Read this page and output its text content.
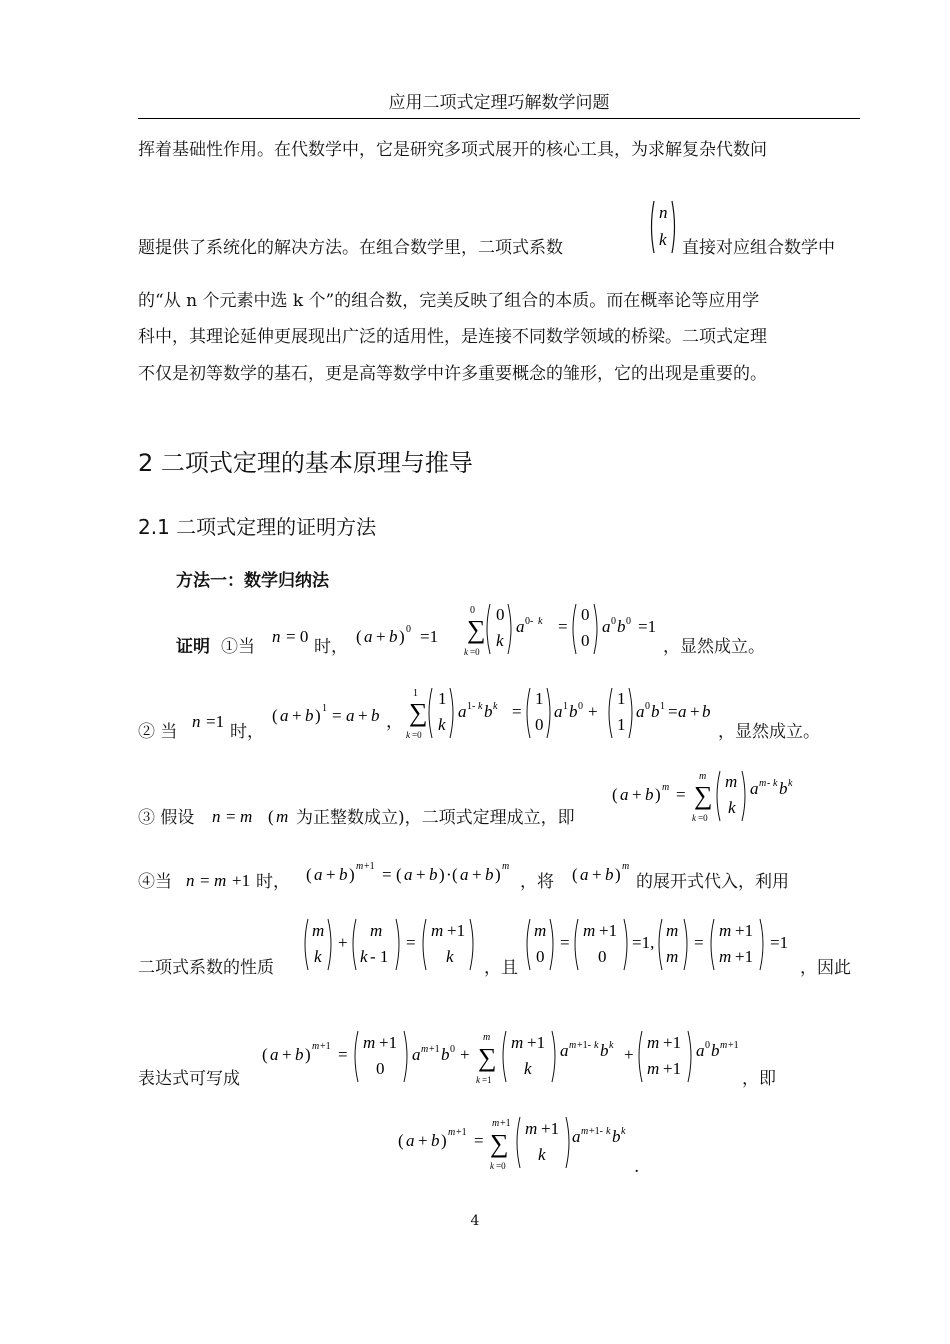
应用二项式定理巧解数学问题
挥着基础性作用。在代数学中，它是研究多项式展开的核心工具，为求解复杂代数问
题提供了系统化的解决方法。在组合数学里，二项式系数
n
k 直接对应组合数学中
的“从 n 个元素中选 k 个”的组合数，完美反映了组合的本质。而在概率论等应用学
科中，其理论延伸更展现出广泛的适用性，是连接不同数学领域的桥梁。二项式定理
不仅是初等数学的基石，更是高等数学中许多重要概念的雏形，它的出现是重要的。
2 二项式定理的基本原理与推导
2.1 二项式定理的证明方法
方法一：数学归纳法
证明 ①当
n = 0	( a + b ) 0 =1
0
∑
k =0
0
k
a 0- k =
0
0
a 0 b 0 =1
时，	，显然成立。
② 当	时，
n =1	( a + b ) 1 = a + b ，
1
∑
k =0
1
k
a 1- k b k =
1
0
a 1 b 0 +
1
1
a 0 b 1 = a + b
，显然成立。
③ 假设 n = m ( m 为正整数成立)，二项式定理成立，即
( a + b ) m =
m
∑
k =0
m
k
a m - k b k
④当 n = m +1 时， ( a + b ) m +1 = ( a + b ) · ( a + b ) m
，将 ( a + b ) m
的展开式代入，利用
二项式系数的性质
m
k
+
m
k - 1
=
m +1
k
，且
m
0
=
m +1
0
=1,
m
m
=
m +1
m +1
=1
，因此
表达式可写成
( a + b ) m +1 =
m +1
0
a m +1 b 0 +
m
∑
k =1
m +1
k
a m +1- k b k +
m +1
m +1
a 0 b m +1
，即
( a + b ) m +1 =
m +1
∑
k =0
m +1
k
a m +1- k b k
.
4
